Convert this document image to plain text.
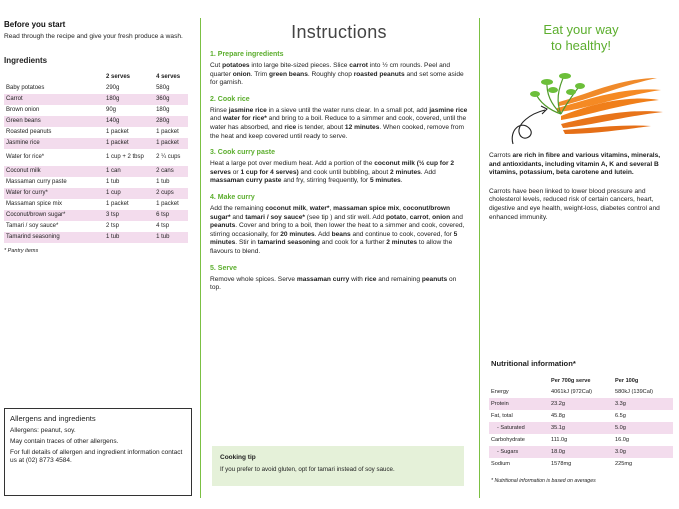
Before you start

Read through the recipe and give your fresh produce a wash.

Ingredients
	2 serves	4 serves
Baby potatoes	290g	580g
Carrot	180g	360g
Brown onion	90g	180g
Green beans	140g	280g
Roasted peanuts	1 packet	1 packet
Jasmine rice	1 packet	1 packet
Water for rice*	1 cup + 2 tbsp	2 ¼ cups
Coconut milk	1 can	2 cans
Massaman curry paste	1 tub	1 tub
Water for curry*	1 cup	2 cups
Massaman spice mix	1 packet	1 packet
Coconut/brown sugar*	3 tsp	6 tsp
Tamari / soy sauce*	2 tsp	4 tsp
Tamarind seasoning	1 tub	1 tub

* Pantry items

Allergens and ingredients

Allergens: peanut, soy.

May contain traces of other allergens.

For full details of allergen and ingredient information contact us at (02) 8773 4584.

Instructions
1. Prepare ingredients

Cut potatoes into large bite-sized pieces. Slice carrot into ½ cm rounds. Peel and quarter onion. Trim green beans. Roughly chop roasted peanuts and set some aside for garnish.

2. Cook rice

Rinse jasmine rice in a sieve until the water runs clear. In a small pot, add jasmine rice and water for rice* and bring to a boil. Reduce to a simmer and cook, covered, until the water has absorbed, and rice is tender, about 12 minutes. When cooked, remove from the heat and keep covered until ready to serve.

3. Cook curry paste

Heat a large pot over medium heat. Add a portion of the coconut milk (½ cup for 2 serves or 1 cup for 4 serves) and cook until bubbling, about 2 minutes. Add massaman curry paste and fry, stirring frequently, for 5 minutes.

4. Make curry

Add the remaining coconut milk, water*, massaman spice mix, coconut/brown sugar* and tamari / soy sauce* (see tip ) and stir well. Add potato, carrot, onion and peanuts. Cover and bring to a boil, then lower the heat to a simmer and cook, covered, stirring occasionally, for 20 minutes. Add beans and continue to cook, covered, for 5 minutes. Stir in tamarind seasoning and cook for a further 2 minutes to allow the flavours to blend.

5. Serve

Remove whole spices. Serve massaman curry with rice and remaining peanuts on top.

Cooking tip

If you prefer to avoid gluten, opt for tamari instead of soy sauce.

Eat your way
to healthy!

Carrots are rich in fibre and various vitamins, minerals, and antioxidants, including vitamin A, K and several B vitamins, potassium, beta carotene and lutein.

Carrots have been linked to lower blood pressure and cholesterol levels, reduced risk of certain cancers, heart, digestive and eye health, weight-loss, diabetes control and enhanced immunity.

Nutritional information*
	Per 700g serve	Per 100g
Energy	4061kJ (972Cal)	580kJ (139Cal)
Protein	23.2g	3.3g
Fat, total	45.8g	6.5g
- Saturated	35.1g	5.0g
Carbohydrate	111.0g	16.0g
- Sugars	18.0g	3.0g
Sodium	1578mg	225mg
* Nutritional information is based on averages
